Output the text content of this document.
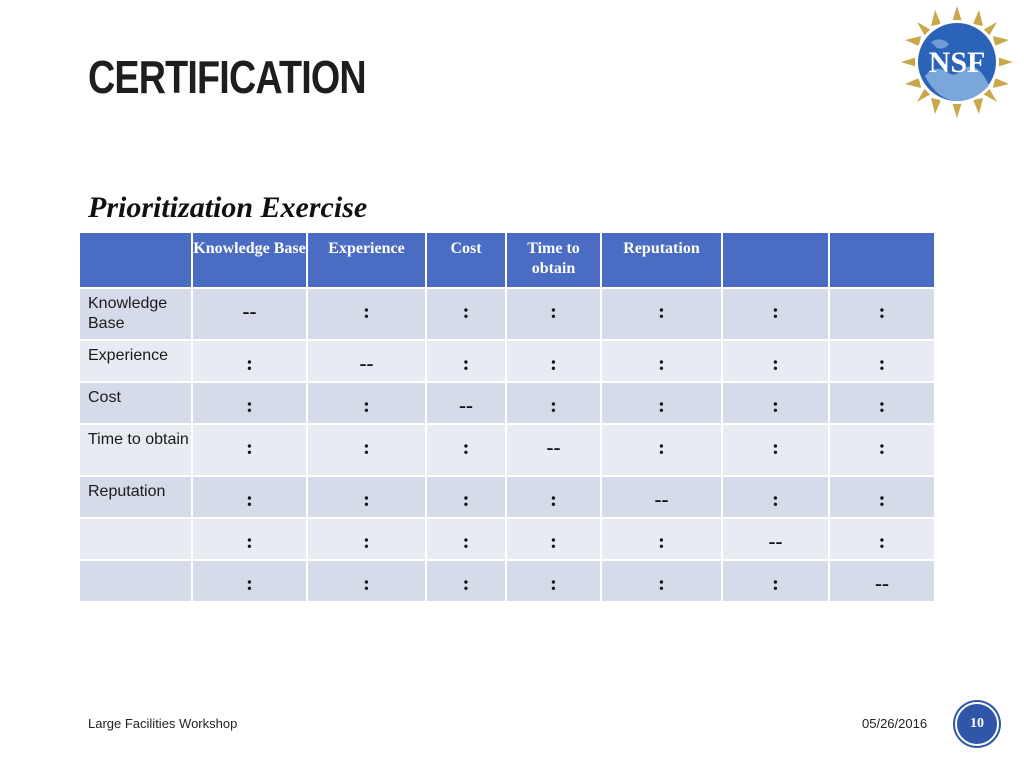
CERTIFICATION	NSF
Prioritization Exercise
	Knowledge Base	Experience	Cost	Time to obtain	Reputation		
Knowledge Base	--	:	:	:	:	:	:
Experience	:	--	:	:	:	:	:
Cost	:	:	--	:	:	:	:
Time to obtain	:	:	:	--	:	:	:
Reputation	:	:	:	:	--	:	:
	:	:	:	:	:	--	:
	:	:	:	:	:	:	--
Large Facilities Workshop	05/26/2016	10
